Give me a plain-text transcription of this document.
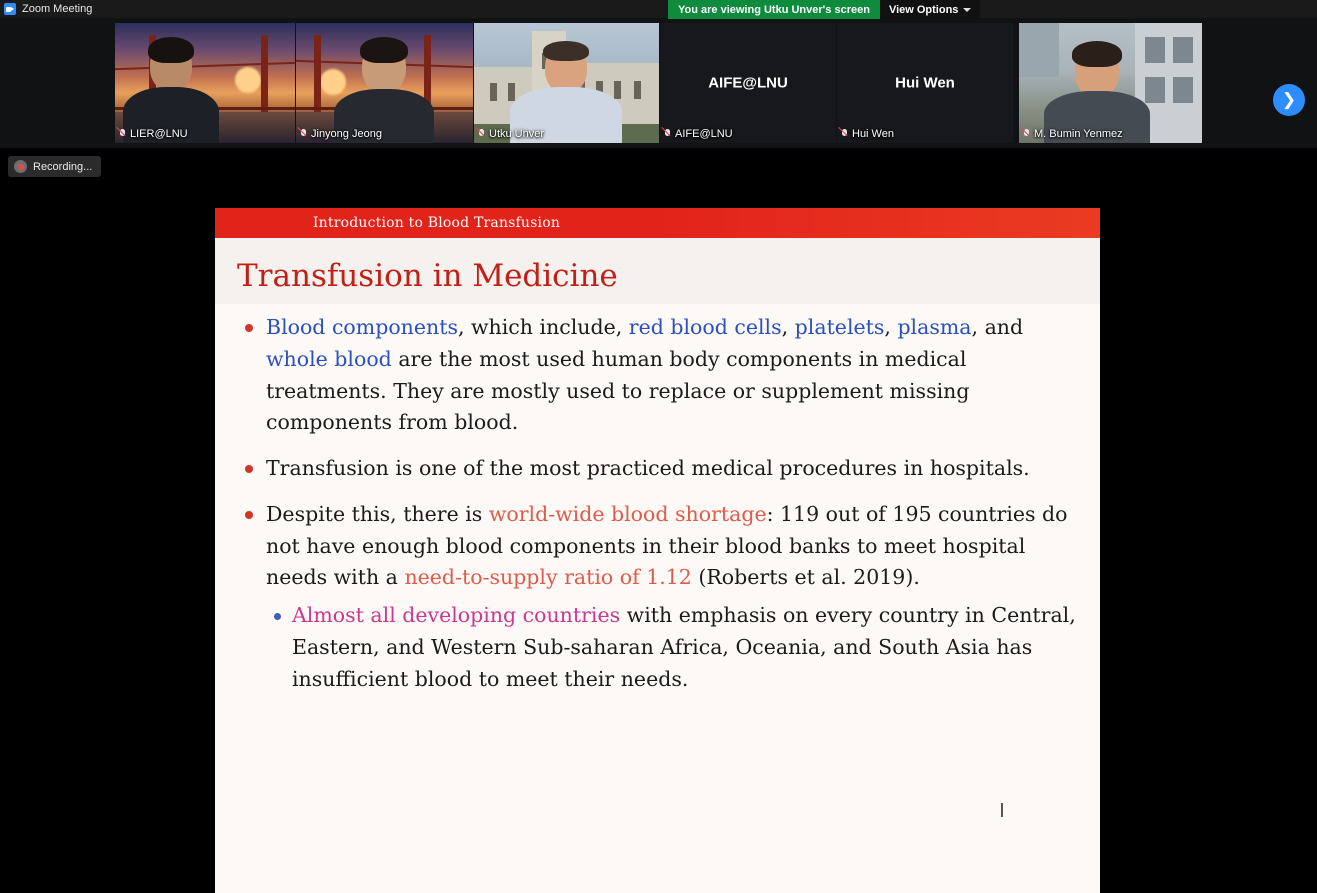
Zoom Meeting	You are viewing Utku Unver's screen	View Options
LIER@LNU	Jinyong Jeong	Utku Unver
AIFE@LNU
AIFE@LNU
Hui Wen
Hui Wen	M. Bumin Yenmez
❯
Recording...
Introduction to Blood Transfusion
Transfusion in Medicine
Blood components, which include, red blood cells, platelets, plasma, and whole blood are the most used human body components in medical treatments. They are mostly used to replace or supplement missing components from blood.
Transfusion is one of the most practiced medical procedures in hospitals.
Despite this, there is world-wide blood shortage: 119 out of 195 countries do not have enough blood components in their blood banks to meet hospital needs with a need-to-supply ratio of 1.12 (Roberts et al. 2019).
Almost all developing countries with emphasis on every country in Central, Eastern, and Western Sub-saharan Africa, Oceania, and South Asia has insufficient blood to meet their needs.
